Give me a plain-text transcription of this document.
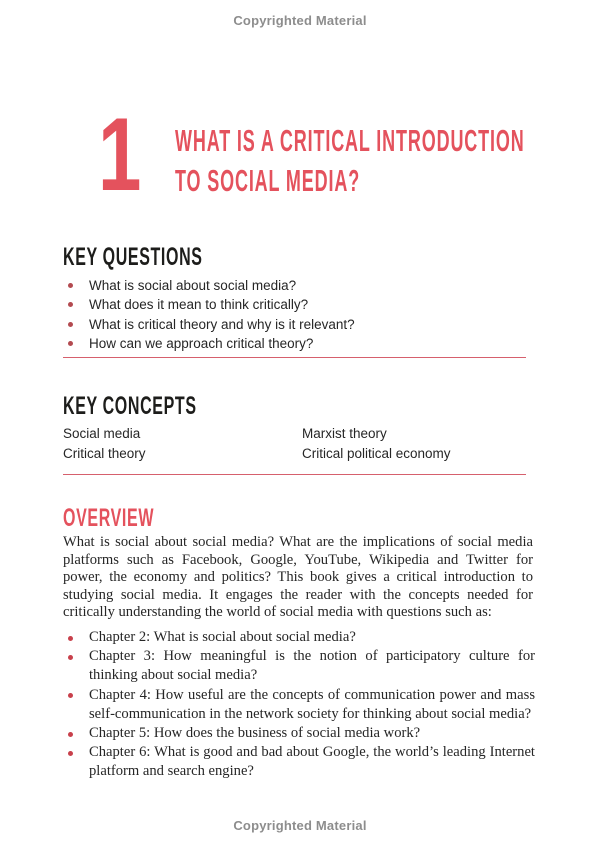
Copyrighted Material
1	WHAT IS A CRITICAL INTRODUCTION
TO SOCIAL MEDIA?
KEY QUESTIONS
What is social about social media?
What does it mean to think critically?
What is critical theory and why is it relevant?
How can we approach critical theory?
KEY CONCEPTS
Social media
Critical theory
Marxist theory
Critical political economy
OVERVIEW

What is social about social media? What are the implications of social media platforms such as Facebook, Google, YouTube, Wikipedia and Twitter for power, the economy and politics? This book gives a critical introduction to studying social media. It engages the reader with the concepts needed for critically understanding the world of social media with questions such as:

Chapter 2: What is social about social media?
Chapter 3: How meaningful is the notion of participatory culture for thinking about social media?
Chapter 4: How useful are the concepts of communication power and mass self-communication in the network society for thinking about social media?
Chapter 5: How does the business of social media work?
Chapter 6: What is good and bad about Google, the world’s leading Internet platform and search engine?
Copyrighted Material
